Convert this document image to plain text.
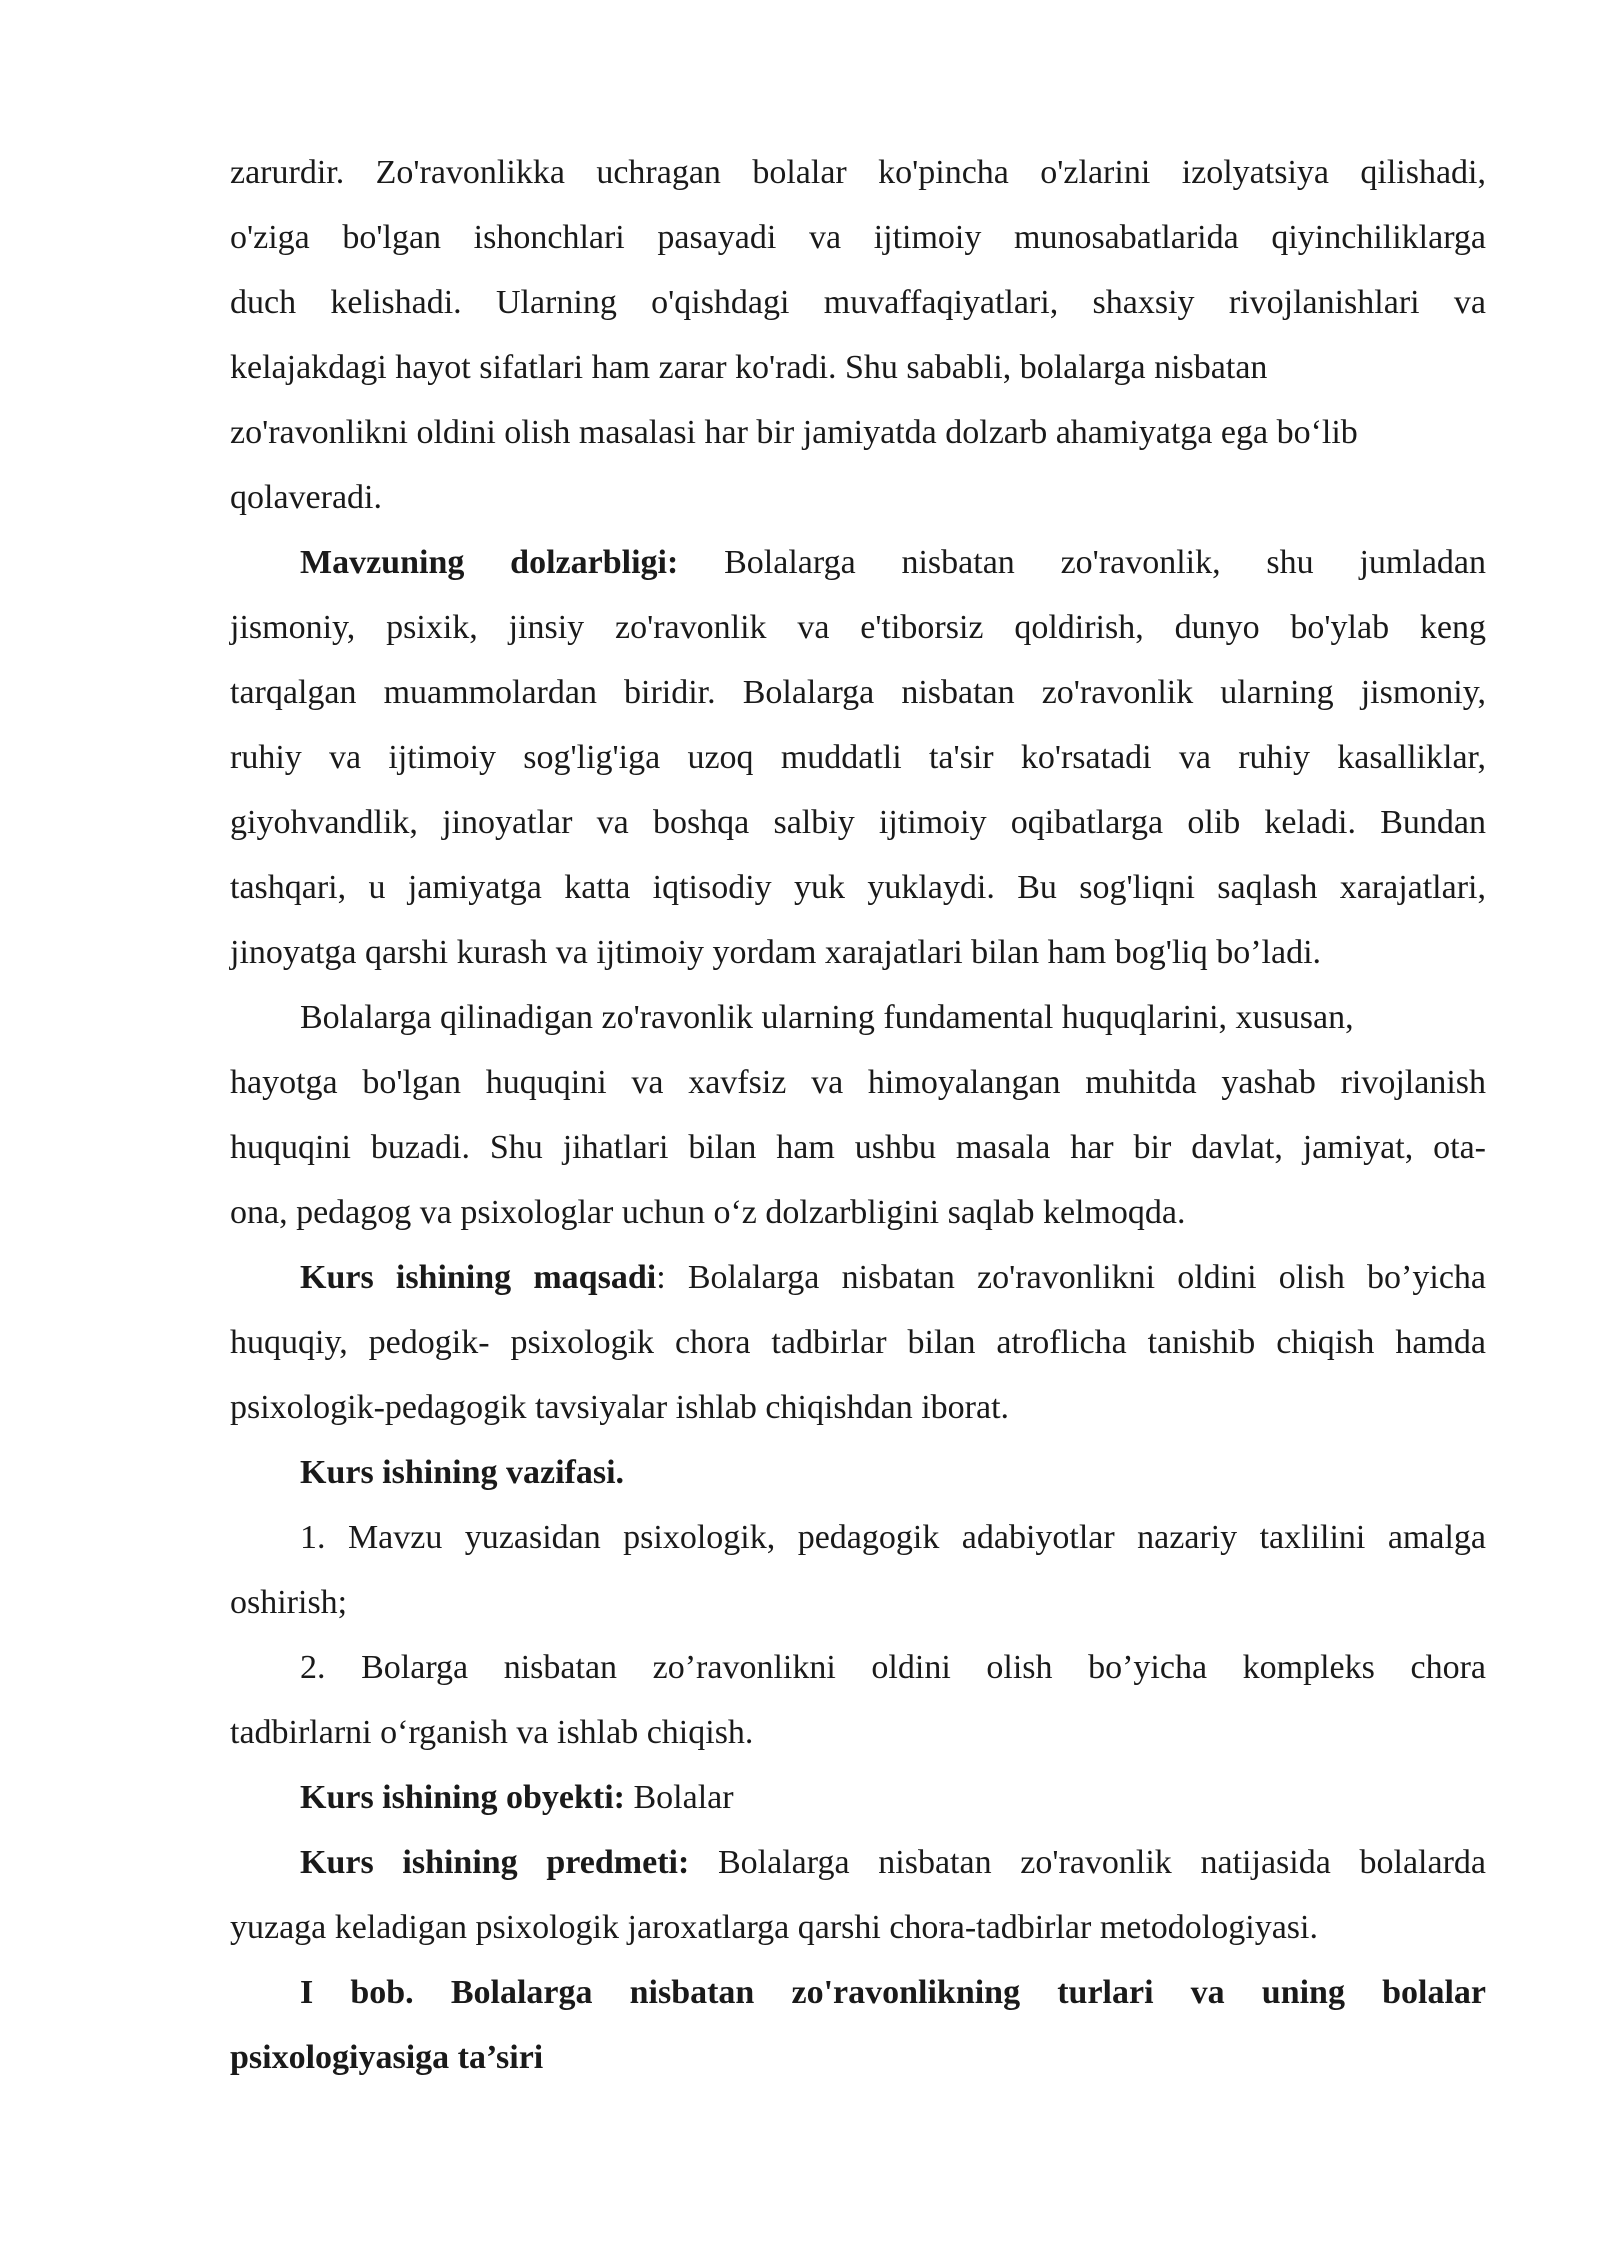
zarurdir. Zo'ravonlikka uchragan bolalar ko'pincha o'zlarini izolyatsiya qilishadi,

o'ziga bo'lgan ishonchlari pasayadi va ijtimoiy munosabatlarida qiyinchiliklarga

duch kelishadi. Ularning o'qishdagi muvaffaqiyatlari, shaxsiy rivojlanishlari va

kelajakdagi hayot sifatlari ham zarar ko'radi. Shu sababli, bolalarga nisbatan

zo'ravonlikni oldini olish masalasi har bir jamiyatda dolzarb ahamiyatga ega bo‘lib

qolaveradi.

Mavzuning dolzarbligi: Bolalarga nisbatan zo'ravonlik, shu jumladan

jismoniy, psixik, jinsiy zo'ravonlik va e'tiborsiz qoldirish, dunyo bo'ylab keng

tarqalgan muammolardan biridir. Bolalarga nisbatan zo'ravonlik ularning jismoniy,

ruhiy va ijtimoiy sog'lig'iga uzoq muddatli ta'sir ko'rsatadi va ruhiy kasalliklar,

giyohvandlik, jinoyatlar va boshqa salbiy ijtimoiy oqibatlarga olib keladi. Bundan

tashqari, u jamiyatga katta iqtisodiy yuk yuklaydi. Bu sog'liqni saqlash xarajatlari,

jinoyatga qarshi kurash va ijtimoiy yordam xarajatlari bilan ham bog'liq bo’ladi.

Bolalarga qilinadigan zo'ravonlik ularning fundamental huquqlarini, xususan,

hayotga bo'lgan huquqini va xavfsiz va himoyalangan muhitda yashab rivojlanish

huquqini buzadi. Shu jihatlari bilan ham ushbu masala har bir davlat, jamiyat, ota-

ona, pedagog va psixologlar uchun o‘z dolzarbligini saqlab kelmoqda.

Kurs ishining maqsadi: Bolalarga nisbatan zo'ravonlikni oldini olish bo’yicha

huquqiy, pedogik- psixologik chora tadbirlar bilan atroflicha tanishib chiqish hamda

psixologik-pedagogik tavsiyalar ishlab chiqishdan iborat.

Kurs ishining vazifasi.

1. Mavzu yuzasidan psixologik, pedagogik adabiyotlar nazariy taxlilini amalga

oshirish;

2. Bolarga nisbatan zo’ravonlikni oldini olish bo’yicha kompleks chora

tadbirlarni o‘rganish va ishlab chiqish.

Kurs ishining obyekti: Bolalar

Kurs ishining predmeti: Bolalarga nisbatan zo'ravonlik natijasida bolalarda

yuzaga keladigan psixologik jaroxatlarga qarshi chora-tadbirlar metodologiyasi.

I bob. Bolalarga nisbatan zo'ravonlikning turlari va uning bolalar

psixologiyasiga ta’siri
